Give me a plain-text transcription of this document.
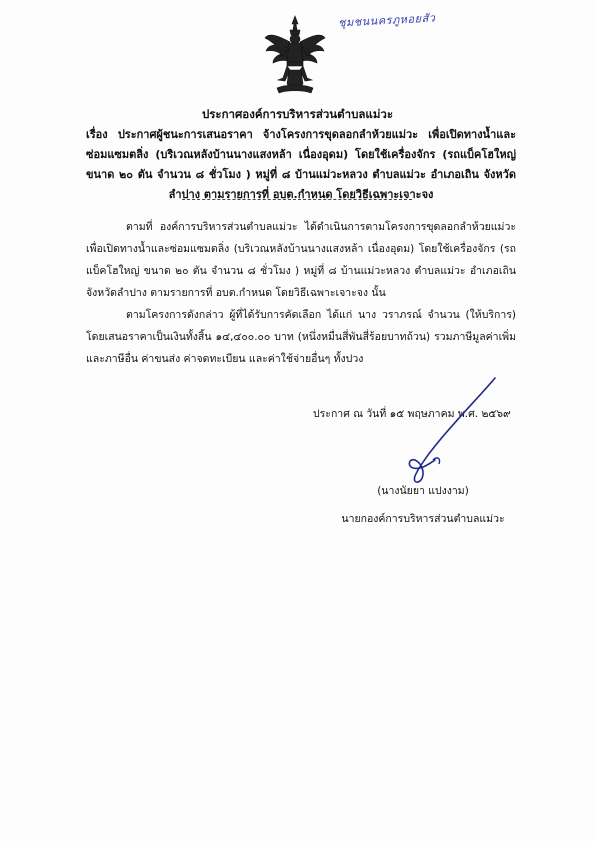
ชุมชนนครภูหอยสัว
ประกาศองค์การบริหารส่วนตำบลแม่วะ
เรื่อง ประกาศผู้ชนะการเสนอราคา จ้างโครงการขุดลอกลำห้วยแม่วะ เพื่อเปิดทางน้ำและซ่อมแซมตลิ่ง (บริเวณหลังบ้านนางแสงหล้า เนื่องอุดม) โดยใช้เครื่องจักร (รถแบ็คโฮใหญ่ ขนาด ๒๐ ตัน จำนวน ๘ ชั่วโมง ) หมู่ที่ ๘ บ้านแม่วะหลวง ตำบลแม่วะ อำเภอเถิน จังหวัดลำปาง ตามรายการที่ อบต.กำหนด โดยวิธีเฉพาะเจาะจง

ตามที่ องค์การบริหารส่วนตำบลแม่วะ ได้ดำเนินการตามโครงการขุดลอกลำห้วยแม่วะ เพื่อเปิดทางน้ำและซ่อมแซมตลิ่ง (บริเวณหลังบ้านนางแสงหล้า เนื่องอุดม) โดยใช้เครื่องจักร (รถแบ็คโฮใหญ่ ขนาด ๒๐ ตัน จำนวน ๘ ชั่วโมง ) หมู่ที่ ๘ บ้านแม่วะหลวง ตำบลแม่วะ อำเภอเถิน จังหวัดลำปาง ตามรายการที่ อบต.กำหนด โดยวิธีเฉพาะเจาะจง นั้น

ตามโครงการดังกล่าว ผู้ที่ได้รับการคัดเลือก ได้แก่ นาง วราภรณ์ จำนวน (ให้บริการ) โดยเสนอราคาเป็นเงินทั้งสิ้น ๑๔,๔๐๐.๐๐ บาท (หนึ่งหมื่นสี่พันสี่ร้อยบาทถ้วน) รวมภาษีมูลค่าเพิ่มและภาษีอื่น ค่าขนส่ง ค่าจดทะเบียน และค่าใช้จ่ายอื่นๆ ทั้งปวง

ประกาศ ณ วันที่ ๑๕ พฤษภาคม พ.ศ. ๒๕๖๙
(นางนัยยา แปงงาม)
นายกองค์การบริหารส่วนตำบลแม่วะ
